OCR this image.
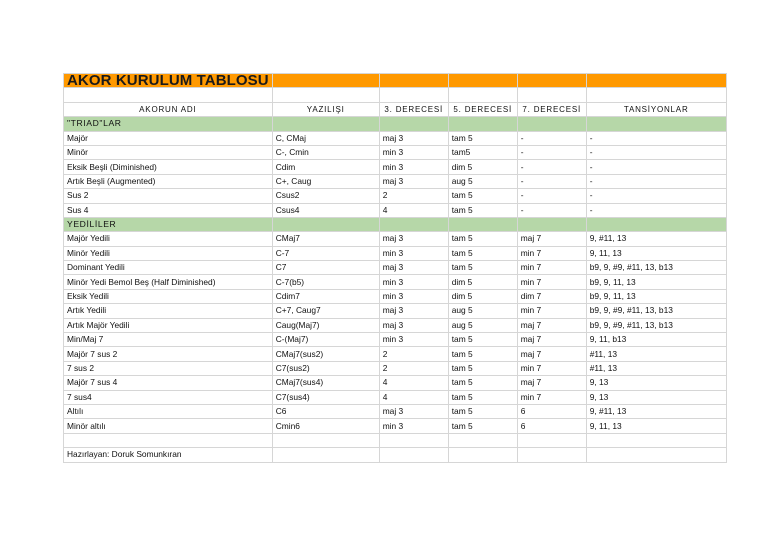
AKOR KURULUM TABLOSU					

AKORUN ADI	YAZILIŞI	3. DERECESİ	5. DERECESİ	7. DERECESİ	TANSİYONLAR
"TRIAD"LAR					
Majör	C, CMaj	maj 3	tam 5	-	-
Minör	C-, Cmin	min 3	tam5	-	-
Eksik Beşli (Diminished)	Cdim	min 3	dim 5	-	-
Artık Beşli (Augmented)	C+, Caug	maj 3	aug 5	-	-
Sus 2	Csus2	2	tam 5	-	-
Sus 4	Csus4	4	tam 5	-	-
YEDİLİLER					
Majör Yedili	CMaj7	maj 3	tam 5	maj 7	9, #11, 13
Minör Yedili	C-7	min 3	tam 5	min 7	9, 11, 13
Dominant Yedili	C7	maj 3	tam 5	min 7	b9, 9, #9, #11, 13, b13
Minör Yedi Bemol Beş (Half Diminished)	C-7(b5)	min 3	dim 5	min 7	b9, 9, 11, 13
Eksik Yedili	Cdim7	min 3	dim 5	dim 7	b9, 9, 11, 13
Artık Yedili	C+7, Caug7	maj 3	aug 5	min 7	b9, 9, #9, #11, 13, b13
Artık Majör Yedili	Caug(Maj7)	maj 3	aug 5	maj 7	b9, 9, #9, #11, 13, b13
Min/Maj 7	C-(Maj7)	min 3	tam 5	maj 7	9, 11, b13
Majör 7 sus 2	CMaj7(sus2)	2	tam 5	maj 7	#11, 13
7 sus 2	C7(sus2)	2	tam 5	min 7	#11, 13
Majör 7 sus 4	CMaj7(sus4)	4	tam 5	maj 7	9, 13
7 sus4	C7(sus4)	4	tam 5	min 7	9, 13
Altılı	C6	maj 3	tam 5	6	9, #11, 13
Minör altılı	Cmin6	min 3	tam 5	6	9, 11, 13

Hazırlayan: Doruk Somunkıran					
